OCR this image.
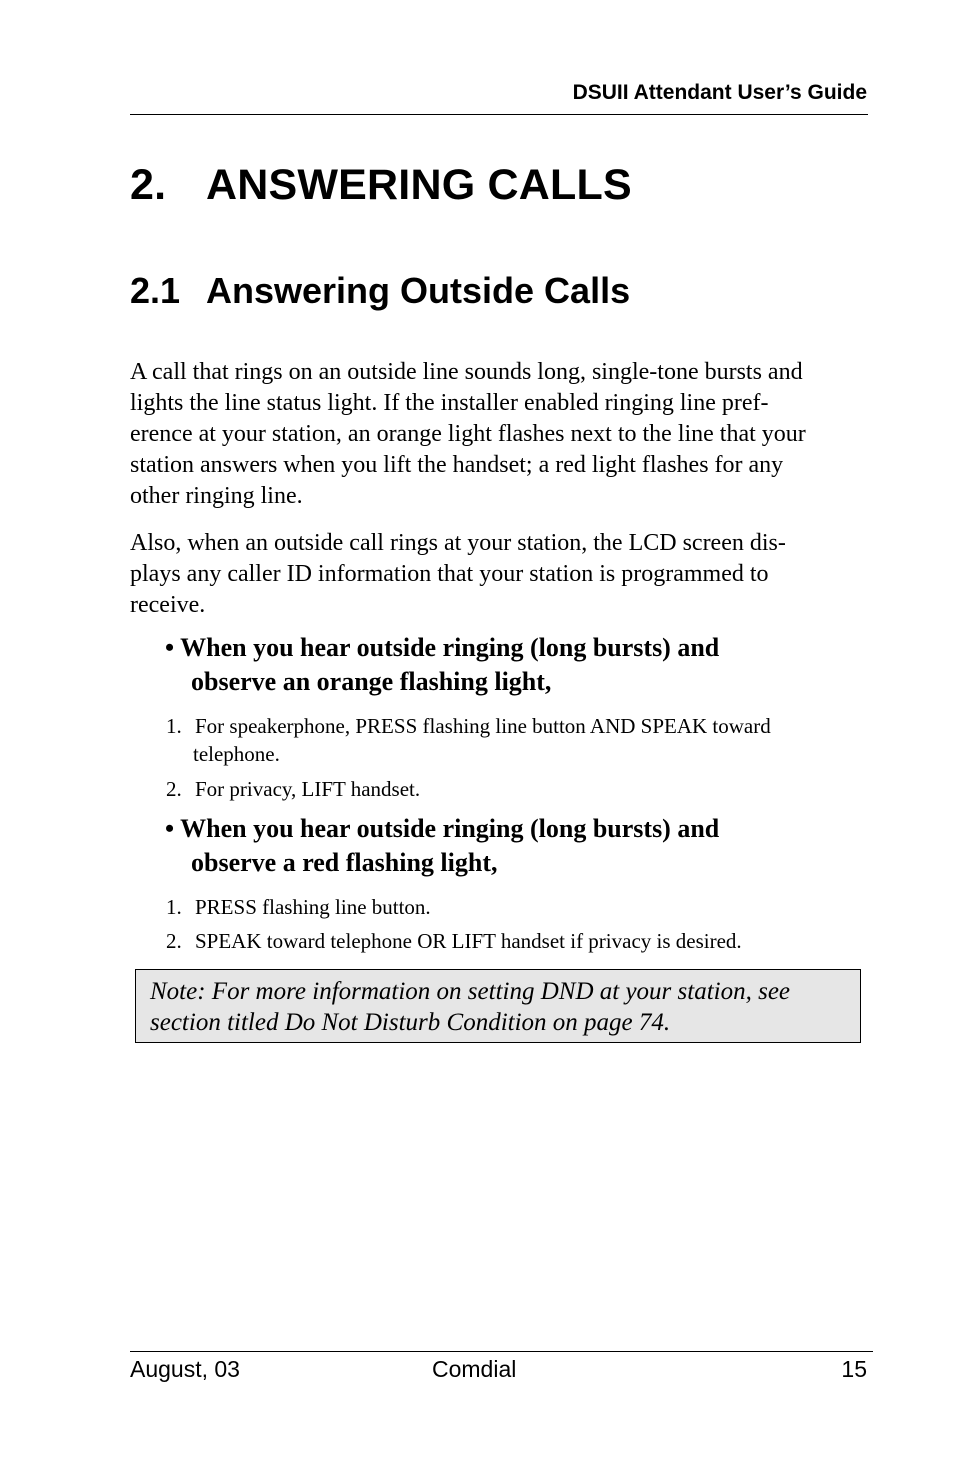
DSUII Attendant User’s Guide
2. ANSWERING CALLS
2.1 Answering Outside Calls
A call that rings on an outside line sounds long, single-tone bursts and
lights the line status light. If the installer enabled ringing line pref-
erence at your station, an orange light flashes next to the line that your
station answers when you lift the handset; a red light flashes for any
other ringing line.
Also, when an outside call rings at your station, the LCD screen dis-
plays any caller ID information that your station is programmed to
receive.
• When you hear outside ringing (long bursts) and
observe an orange flashing light,
1. For speakerphone, PRESS flashing line button AND SPEAK toward
telephone.
2. For privacy, LIFT handset.
• When you hear outside ringing (long bursts) and
observe a red flashing light,
1. PRESS flashing line button.
2. SPEAK toward telephone OR LIFT handset if privacy is desired.
Note: For more information on setting DND at your station, see
section titled Do Not Disturb Condition on page 74.
August, 03	Comdial	15
